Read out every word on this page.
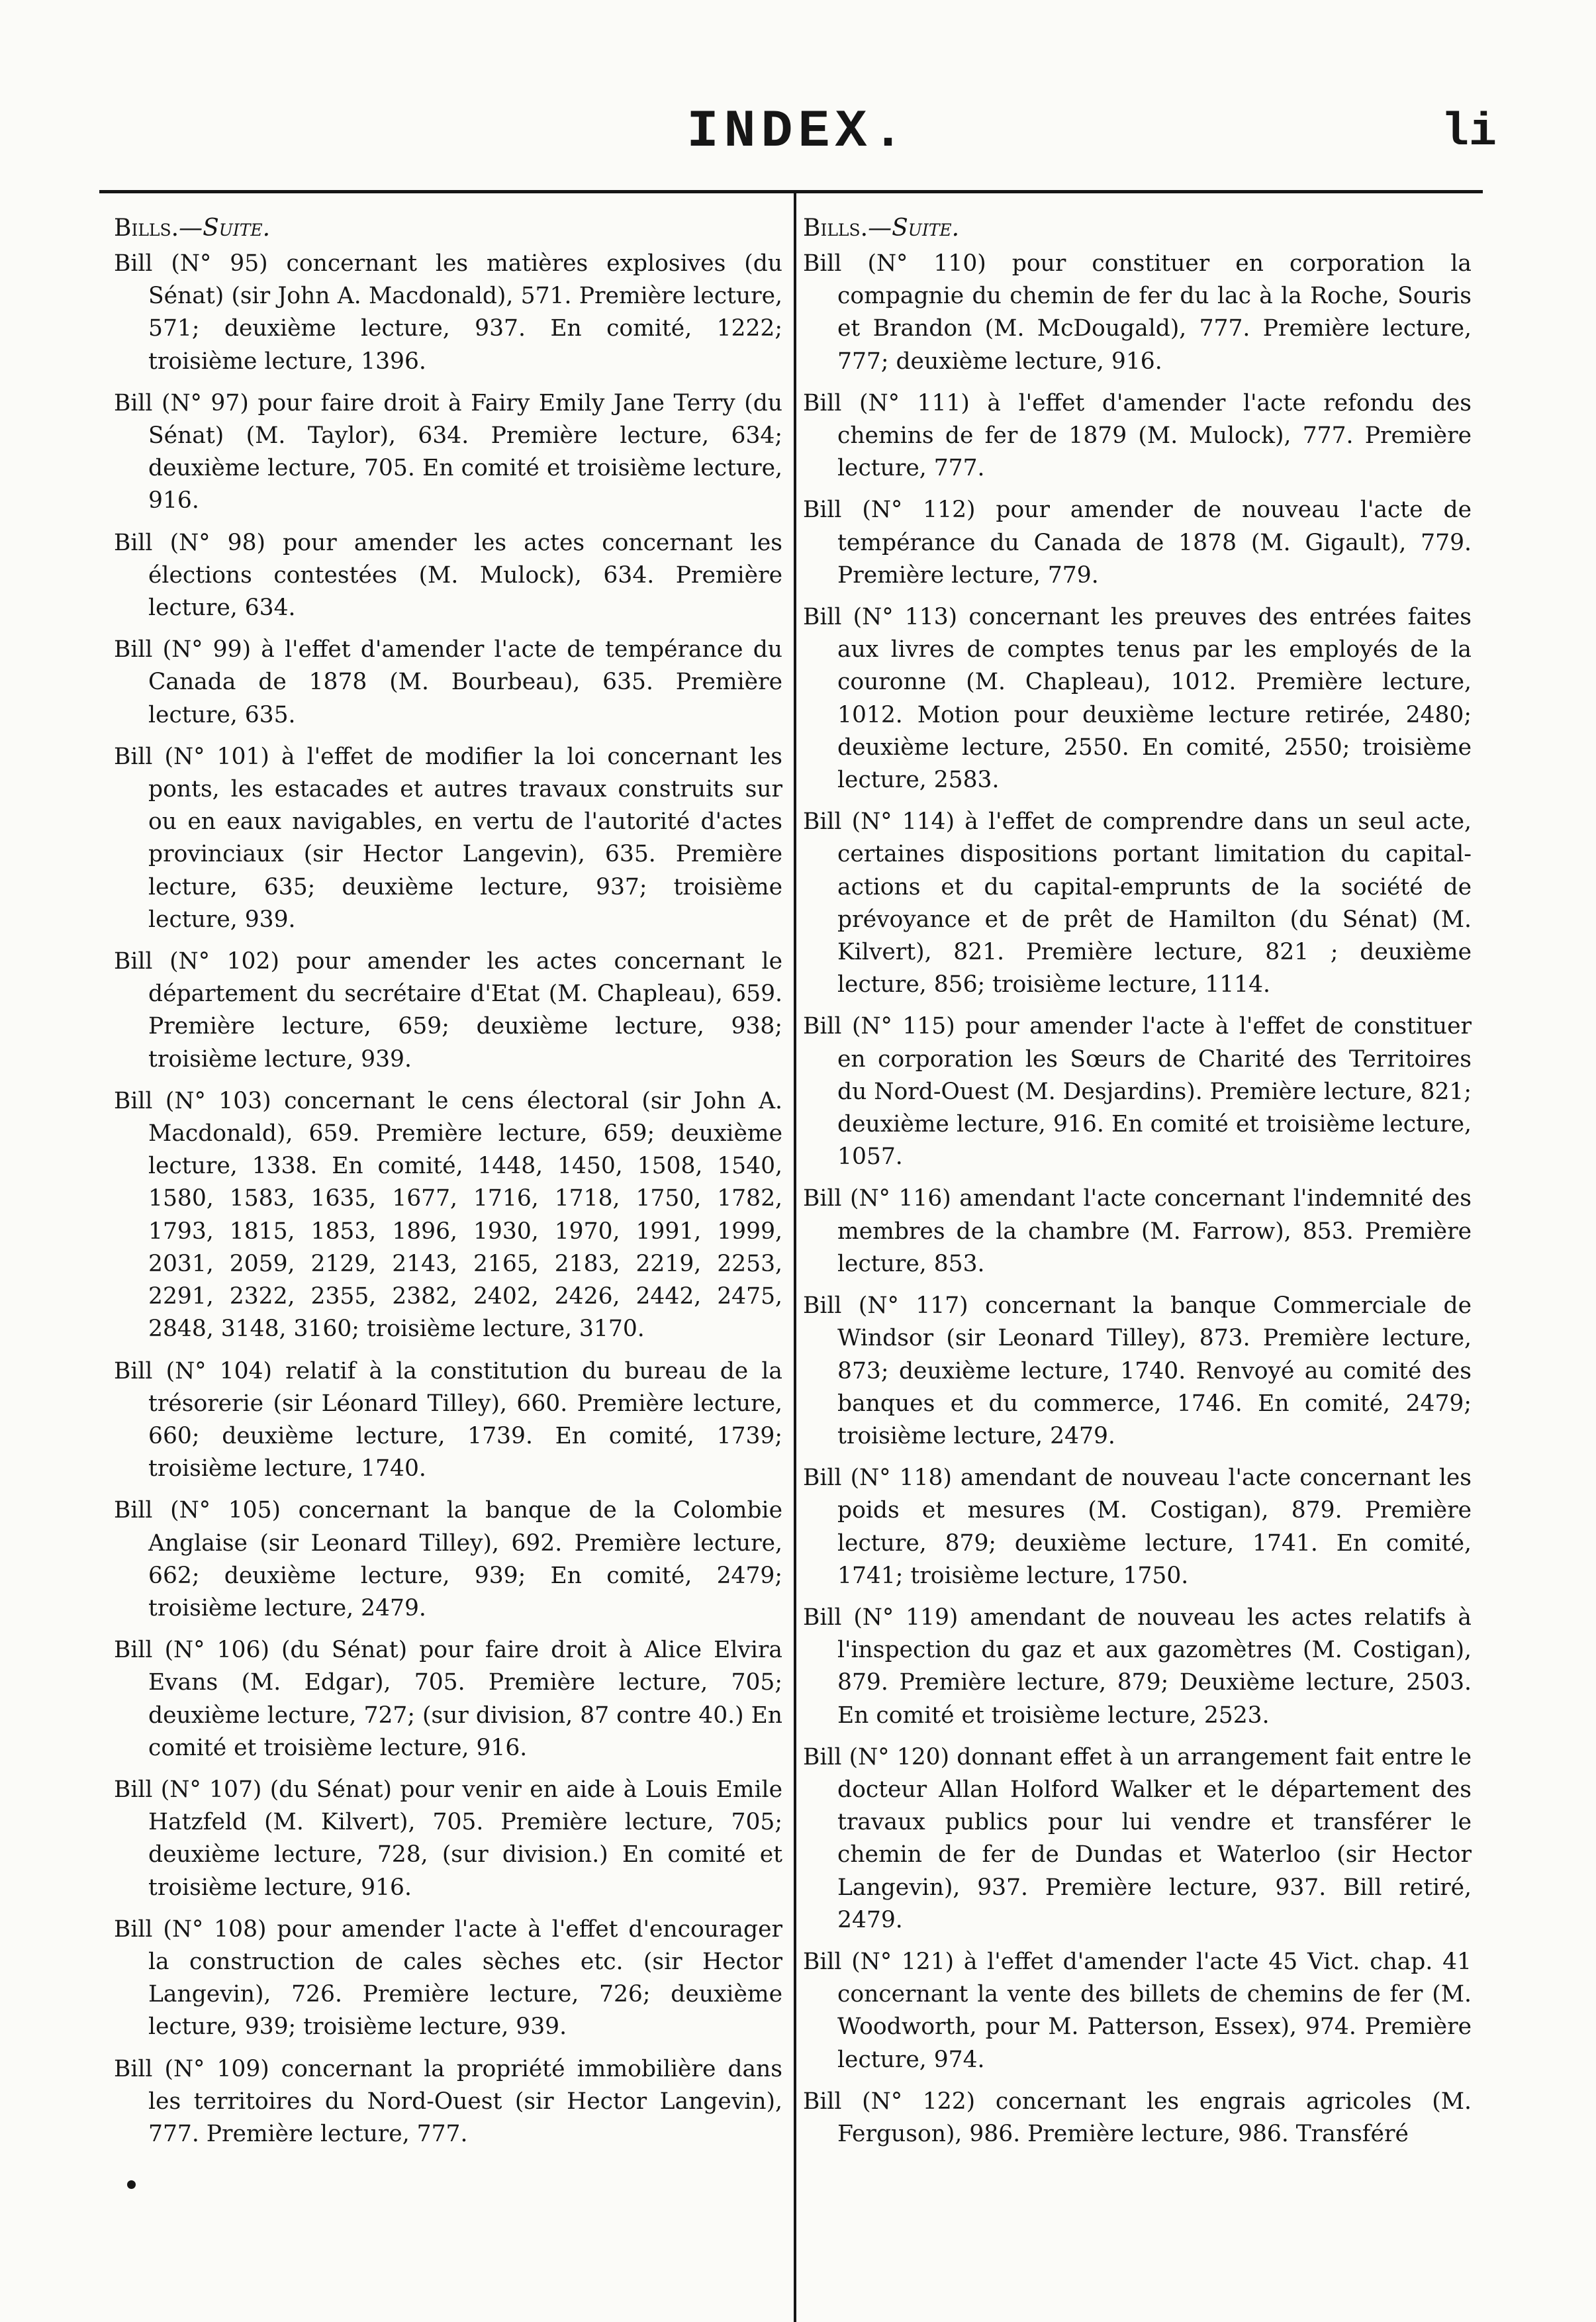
INDEX.	li
Bills.—Suite.

Bill (N° 95) concernant les matières explosives (du Sénat) (sir John A. Macdonald), 571. Première lecture, 571; deuxième lecture, 937. En comité, 1222; troisième lecture, 1396.

Bill (N° 97) pour faire droit à Fairy Emily Jane Terry (du Sénat) (M. Taylor), 634. Première lecture, 634; deuxième lecture, 705. En comité et troisième lecture, 916.

Bill (N° 98) pour amender les actes concernant les élections contestées (M. Mulock), 634. Première lecture, 634.

Bill (N° 99) à l'effet d'amender l'acte de tempérance du Canada de 1878 (M. Bourbeau), 635. Première lecture, 635.

Bill (N° 101) à l'effet de modifier la loi concernant les ponts, les estacades et autres travaux construits sur ou en eaux navigables, en vertu de l'autorité d'actes provinciaux (sir Hector Langevin), 635. Première lecture, 635; deuxième lecture, 937; troisième lecture, 939.

Bill (N° 102) pour amender les actes concernant le département du secrétaire d'Etat (M. Chapleau), 659. Première lecture, 659; deuxième lecture, 938; troisième lecture, 939.

Bill (N° 103) concernant le cens électoral (sir John A. Macdonald), 659. Première lecture, 659; deuxième lecture, 1338. En comité, 1448, 1450, 1508, 1540, 1580, 1583, 1635, 1677, 1716, 1718, 1750, 1782, 1793, 1815, 1853, 1896, 1930, 1970, 1991, 1999, 2031, 2059, 2129, 2143, 2165, 2183, 2219, 2253, 2291, 2322, 2355, 2382, 2402, 2426, 2442, 2475, 2848, 3148, 3160; troisième lecture, 3170.

Bill (N° 104) relatif à la constitution du bureau de la trésorerie (sir Léonard Tilley), 660. Première lecture, 660; deuxième lecture, 1739. En comité, 1739; troisième lecture, 1740.

Bill (N° 105) concernant la banque de la Colombie Anglaise (sir Leonard Tilley), 692. Première lecture, 662; deuxième lecture, 939; En comité, 2479; troisième lecture, 2479.

Bill (N° 106) (du Sénat) pour faire droit à Alice Elvira Evans (M. Edgar), 705. Première lecture, 705; deuxième lecture, 727; (sur division, 87 contre 40.) En comité et troisième lecture, 916.

Bill (N° 107) (du Sénat) pour venir en aide à Louis Emile Hatzfeld (M. Kilvert), 705. Première lecture, 705; deuxième lecture, 728, (sur division.) En comité et troisième lecture, 916.

Bill (N° 108) pour amender l'acte à l'effet d'encourager la construction de cales sèches etc. (sir Hector Langevin), 726. Première lecture, 726; deuxième lecture, 939; troisième lecture, 939.

Bill (N° 109) concernant la propriété immobilière dans les territoires du Nord-Ouest (sir Hector Langevin), 777. Première lecture, 777.

Bills.—Suite.

Bill (N° 110) pour constituer en corporation la compagnie du chemin de fer du lac à la Roche, Souris et Brandon (M. McDougald), 777. Première lecture, 777; deuxième lecture, 916.

Bill (N° 111) à l'effet d'amender l'acte refondu des chemins de fer de 1879 (M. Mulock), 777. Première lecture, 777.

Bill (N° 112) pour amender de nouveau l'acte de tempérance du Canada de 1878 (M. Gigault), 779. Première lecture, 779.

Bill (N° 113) concernant les preuves des entrées faites aux livres de comptes tenus par les employés de la couronne (M. Chapleau), 1012. Première lecture, 1012. Motion pour deuxième lecture retirée, 2480; deuxième lecture, 2550. En comité, 2550; troisième lecture, 2583.

Bill (N° 114) à l'effet de comprendre dans un seul acte, certaines dispositions portant limitation du capital-actions et du capital-emprunts de la société de prévoyance et de prêt de Hamilton (du Sénat) (M. Kilvert), 821. Première lecture, 821 ; deuxième lecture, 856; troisième lecture, 1114.

Bill (N° 115) pour amender l'acte à l'effet de constituer en corporation les Sœurs de Charité des Territoires du Nord-Ouest (M. Desjardins). Première lecture, 821; deuxième lecture, 916. En comité et troisième lecture, 1057.

Bill (N° 116) amendant l'acte concernant l'indemnité des membres de la chambre (M. Farrow), 853. Première lecture, 853.

Bill (N° 117) concernant la banque Commerciale de Windsor (sir Leonard Tilley), 873. Première lecture, 873; deuxième lecture, 1740. Renvoyé au comité des banques et du commerce, 1746. En comité, 2479; troisième lecture, 2479.

Bill (N° 118) amendant de nouveau l'acte concernant les poids et mesures (M. Costigan), 879. Première lecture, 879; deuxième lecture, 1741. En comité, 1741; troisième lecture, 1750.

Bill (N° 119) amendant de nouveau les actes relatifs à l'inspection du gaz et aux gazomètres (M. Costigan), 879. Première lecture, 879; Deuxième lecture, 2503. En comité et troisième lecture, 2523.

Bill (N° 120) donnant effet à un arrangement fait entre le docteur Allan Holford Walker et le département des travaux publics pour lui vendre et transférer le chemin de fer de Dundas et Waterloo (sir Hector Langevin), 937. Première lecture, 937. Bill retiré, 2479.

Bill (N° 121) à l'effet d'amender l'acte 45 Vict. chap. 41 concernant la vente des billets de chemins de fer (M. Woodworth, pour M. Patterson, Essex), 974. Première lecture, 974.

Bill (N° 122) concernant les engrais agricoles (M. Ferguson), 986. Première lecture, 986. Transféré
